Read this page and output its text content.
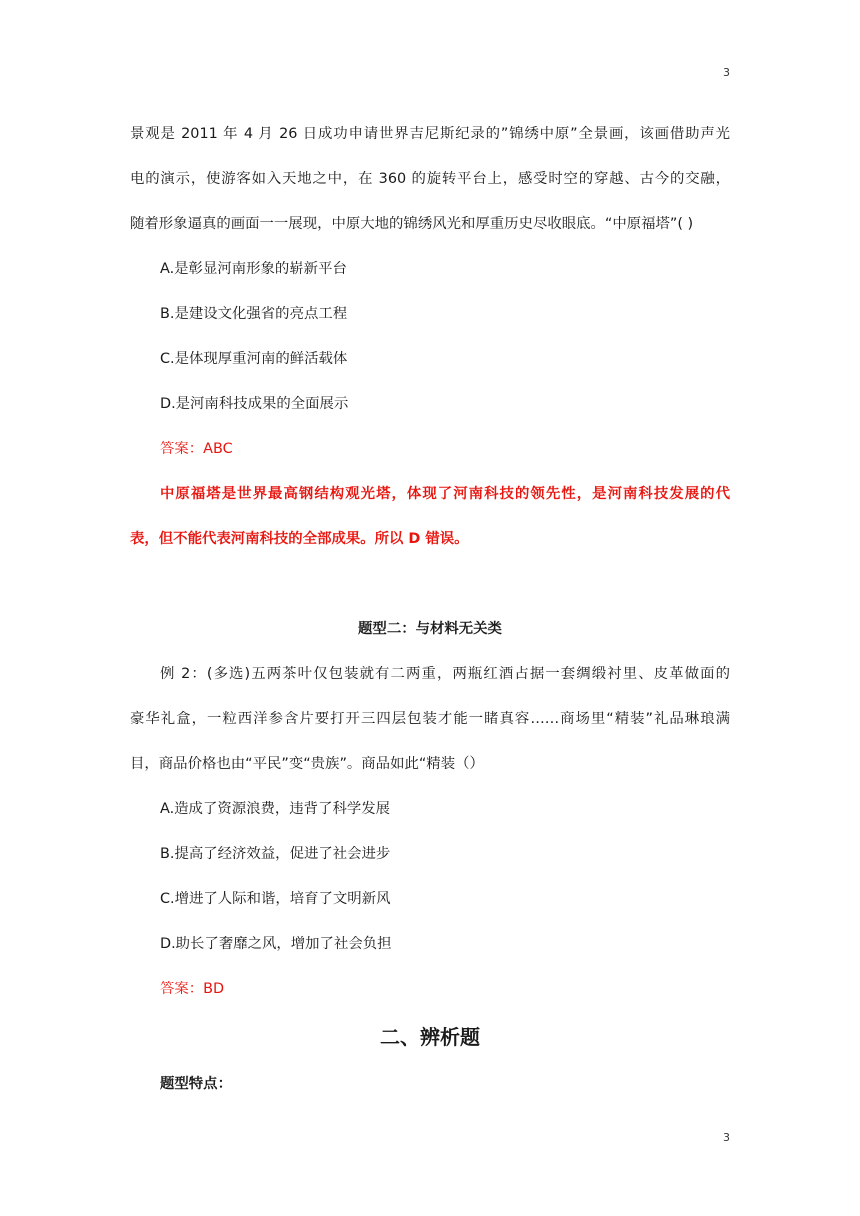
3

景观是 2011 年 4 月 26 日成功申请世界吉尼斯纪录的”锦绣中原”全景画，该画借助声光

电的演示，使游客如入天地之中，在 360 的旋转平台上，感受时空的穿越、古今的交融，

随着形象逼真的画面一一展现，中原大地的锦绣风光和厚重历史尽收眼底。“中原福塔”( )

A.是彰显河南形象的崭新平台

B.是建设文化强省的亮点工程

C.是体现厚重河南的鲜活载体

D.是河南科技成果的全面展示

答案：ABC

中原福塔是世界最高钢结构观光塔，体现了河南科技的领先性，是河南科技发展的代

表，但不能代表河南科技的全部成果。所以 D 错误。

题型二：与材料无关类

例 2：(多选)五两茶叶仅包装就有二两重，两瓶红酒占据一套绸缎衬里、皮革做面的

豪华礼盒，一粒西洋参含片要打开三四层包装才能一睹真容……商场里“精装”礼品琳琅满

目，商品价格也由“平民”变“贵族”。商品如此“精装（）

A.造成了资源浪费，违背了科学发展

B.提高了经济效益，促进了社会进步

C.增进了人际和谐，培育了文明新风

D.助长了奢靡之风，增加了社会负担

答案：BD

二、辨析题

题型特点：

3
